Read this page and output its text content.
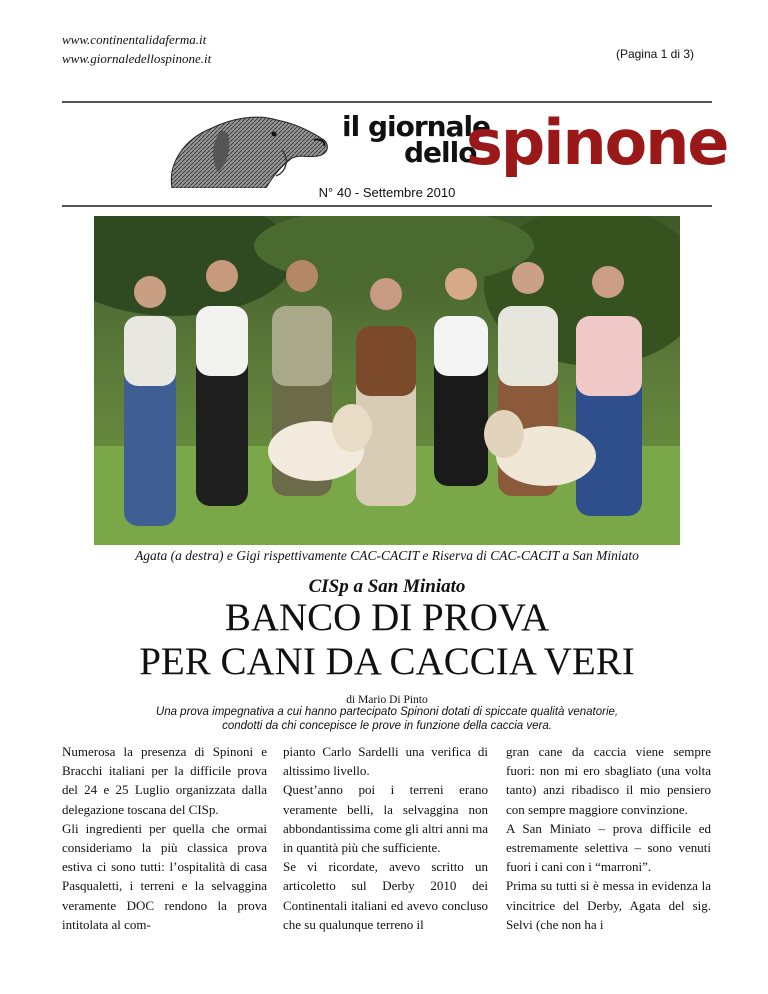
www.continentalidaferma.it
www.giornaledellospinone.it	(Pagina 1 di 3)
il giornale
dello
spinone
N° 40 - Settembre 2010
Agata (a destra) e Gigi rispettivamente CAC-CACIT e Riserva di CAC-CACIT a San Miniato
CISp a San Miniato
BANCO DI PROVA
PER CANI DA CACCIA VERI
di Mario Di Pinto
Una prova impegnativa a cui hanno partecipato Spinoni dotati di spiccate qualità venatorie,
condotti da chi concepisce le prove in funzione della caccia vera.

Numerosa la presenza di Spinoni e Bracchi italiani per la difficile prova del 24 e 25 Luglio organizzata dalla delegazione toscana del CISp.

Gli ingredienti per quella che ormai consideriamo la più classica prova estiva ci sono tutti: l’ospitalità di casa Pasqualetti, i terreni e la selvaggina veramente DOC rendono la prova intitolata al com-

pianto Carlo Sardelli una verifica di altissimo livello.

Quest’anno poi i terreni erano veramente belli, la selvaggina non abbondantissima come gli altri anni ma in quantità più che sufficiente.

Se vi ricordate, avevo scritto un articoletto sul Derby 2010 dei Continentali italiani ed avevo concluso che su qualunque terreno il

gran cane da caccia viene sempre fuori: non mi ero sbagliato (una volta tanto) anzi ribadisco il mio pensiero con sempre maggiore convinzione.

A San Miniato – prova difficile ed estremamente selettiva – sono venuti fuori i cani con i “marroni”.

Prima su tutti si è messa in evidenza la vincitrice del Derby, Agata del sig. Selvi (che non ha i
